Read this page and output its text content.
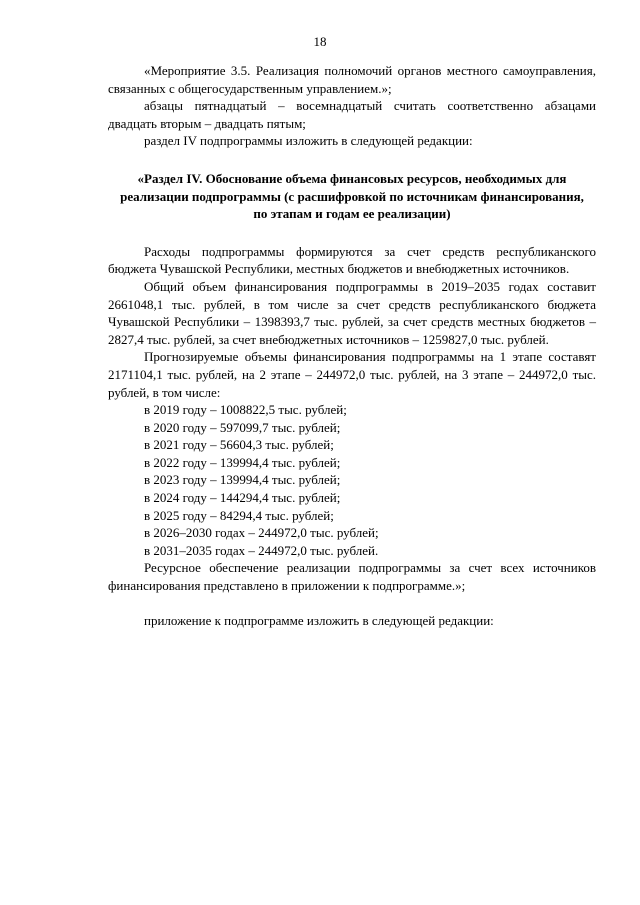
18

«Мероприятие 3.5. Реализация полномочий органов местного самоуправления, связанных с общегосударственным управлением.»;

абзацы пятнадцатый – восемнадцатый считать соответственно абзацами двадцать вторым – двадцать пятым;

раздел IV подпрограммы изложить в следующей редакции:

«Раздел IV. Обоснование объема финансовых ресурсов, необходимых для реализации подпрограммы (с расшифровкой по источникам финансирования, по этапам и годам ее реализации)

Расходы подпрограммы формируются за счет средств республиканского бюджета Чувашской Республики, местных бюджетов и внебюджетных источников.

Общий объем финансирования подпрограммы в 2019–2035 годах составит 2661048,1 тыс. рублей, в том числе за счет средств республиканского бюджета Чувашской Республики – 1398393,7 тыс. рублей, за счет средств местных бюджетов – 2827,4 тыс. рублей, за счет внебюджетных источников – 1259827,0 тыс. рублей.

Прогнозируемые объемы финансирования подпрограммы на 1 этапе составят 2171104,1 тыс. рублей, на 2 этапе – 244972,0 тыс. рублей, на 3 этапе – 244972,0 тыс. рублей, в том числе:

в 2019 году – 1008822,5 тыс. рублей;

в 2020 году – 597099,7 тыс. рублей;

в 2021 году – 56604,3 тыс. рублей;

в 2022 году – 139994,4 тыс. рублей;

в 2023 году – 139994,4 тыс. рублей;

в 2024 году – 144294,4 тыс. рублей;

в 2025 году – 84294,4 тыс. рублей;

в 2026–2030 годах – 244972,0 тыс. рублей;

в 2031–2035 годах – 244972,0 тыс. рублей.

Ресурсное обеспечение реализации подпрограммы за счет всех источников финансирования представлено в приложении к подпрограмме.»;

приложение к подпрограмме изложить в следующей редакции:
